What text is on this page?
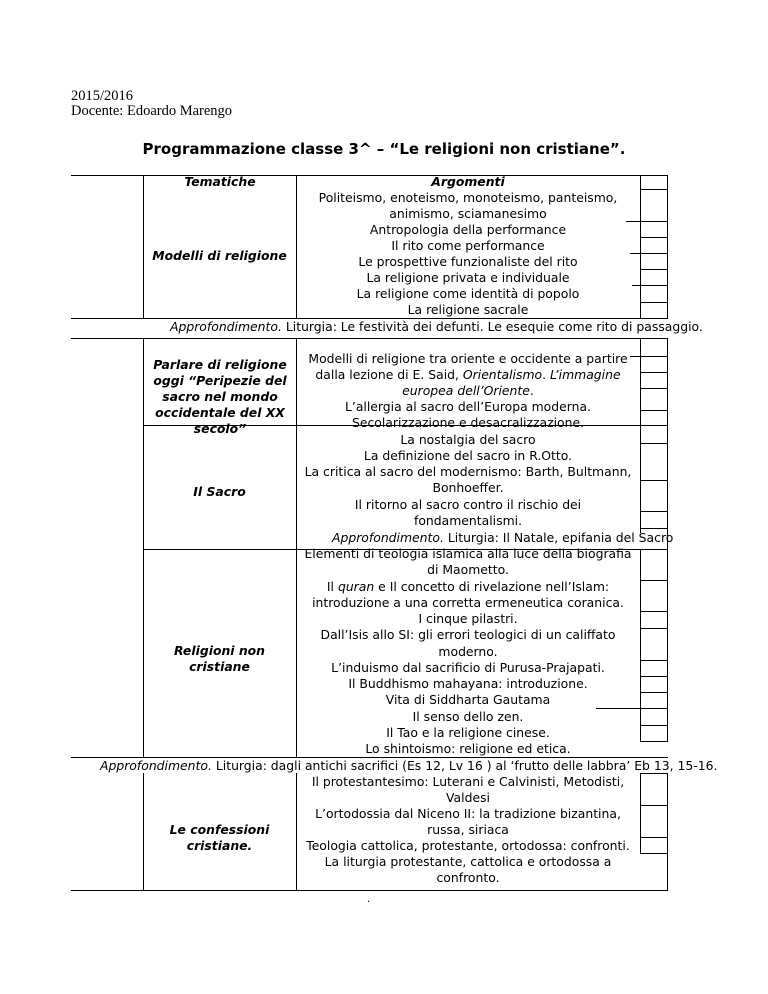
2015/2016
Docente: Edoardo Marengo
Programmazione classe 3^ – “Le religioni non cristiane”.
Tematiche	Argomenti
Modelli di religione
Politeismo, enoteismo, monoteismo, panteismo,
animismo, sciamanesimo
Antropologia della performance
Il rito come performance
Le prospettive funzionaliste del rito
La religione privata e individuale
La religione come identità di popolo
La religione sacrale
Approfondimento. Liturgia: Le festività dei defunti. Le esequie come rito di passaggio.
Parlare di religione oggi “Peripezie del sacro nel mondo occidentale del XX secolo”
Modelli di religione tra oriente e occidente a partire
dalla lezione di E. Said, Orientalismo. L’immagine
europea dell’Oriente.
L’allergia al sacro dell’Europa moderna.
Secolarizzazione e desacralizzazione.
La nostalgia del sacro
Il Sacro
La definizione del sacro in R.Otto.
La critica al sacro del modernismo: Barth, Bultmann,
Bonhoeffer.
Il ritorno al sacro contro il rischio dei
fondamentalismi.
Approfondimento. Liturgia: Il Natale, epifania del Sacro
Religioni non cristiane
Elementi di teologia islamica alla luce della biografia
di Maometto.
Il quran e Il concetto di rivelazione nell’Islam:
introduzione a una corretta ermeneutica coranica.
I cinque pilastri.
Dall’Isis allo SI: gli errori teologici di un califfato
moderno.
L’induismo dal sacrificio di Purusa-Prajapati.
Il Buddhismo mahayana: introduzione.
Vita di Siddharta Gautama
Il senso dello zen.
Il Tao e la religione cinese.
Lo shintoismo: religione ed etica.
Approfondimento. Liturgia: dagli antichi sacrifici (Es 12, Lv 16 ) al ‘frutto delle labbra’ Eb 13, 15-16.
Le confessioni cristiane.
Il protestantesimo: Luterani e Calvinisti, Metodisti,
Valdesi
L’ortodossia dal Niceno II: la tradizione bizantina,
russa, siriaca
Teologia cattolica, protestante, ortodossa: confronti.
La liturgia protestante, cattolica e ortodossa a
confronto.
.
